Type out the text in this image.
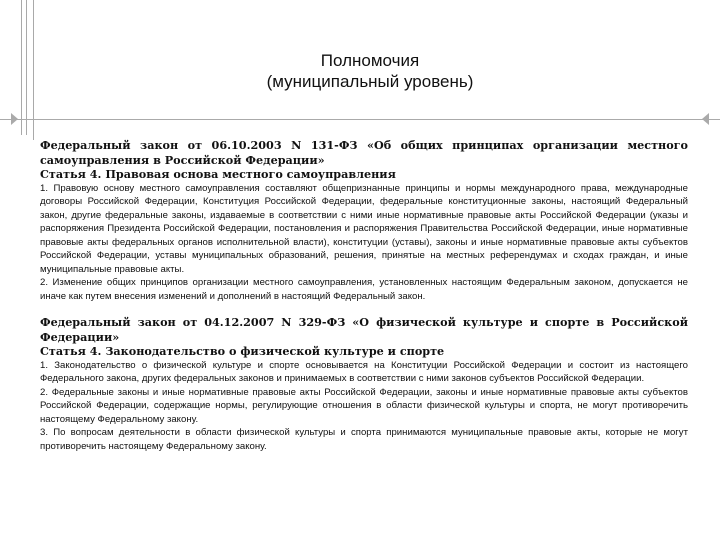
Полномочия
(муниципальный уровень)

Федеральный закон от 06.10.2003 N 131-ФЗ «Об общих принципах организации местного самоуправления в Российской Федерации»

Статья 4. Правовая основа местного самоуправления

1. Правовую основу местного самоуправления составляют общепризнанные принципы и нормы международного права, международные договоры Российской Федерации, Конституция Российской Федерации, федеральные конституционные законы, настоящий Федеральный закон, другие федеральные законы, издаваемые в соответствии с ними иные нормативные правовые акты Российской Федерации (указы и распоряжения Президента Российской Федерации, постановления и распоряжения Правительства Российской Федерации, иные нормативные правовые акты федеральных органов исполнительной власти), конституции (уставы), законы и иные нормативные правовые акты субъектов Российской Федерации, уставы муниципальных образований, решения, принятые на местных референдумах и сходах граждан, и иные муниципальные правовые акты.

2. Изменение общих принципов организации местного самоуправления, установленных настоящим Федеральным законом, допускается не иначе как путем внесения изменений и дополнений в настоящий Федеральный закон.

Федеральный закон от 04.12.2007 N 329-ФЗ «О физической культуре и спорте в Российской Федерации»

Статья 4. Законодательство о физической культуре и спорте

1. Законодательство о физической культуре и спорте основывается на Конституции Российской Федерации и состоит из настоящего Федерального закона, других федеральных законов и принимаемых в соответствии с ними законов субъектов Российской Федерации.

2. Федеральные законы и иные нормативные правовые акты Российской Федерации, законы и иные нормативные правовые акты субъектов Российской Федерации, содержащие нормы, регулирующие отношения в области физической культуры и спорта, не могут противоречить настоящему Федеральному закону.

3. По вопросам деятельности в области физической культуры и спорта принимаются муниципальные правовые акты, которые не могут противоречить настоящему Федеральному закону.
